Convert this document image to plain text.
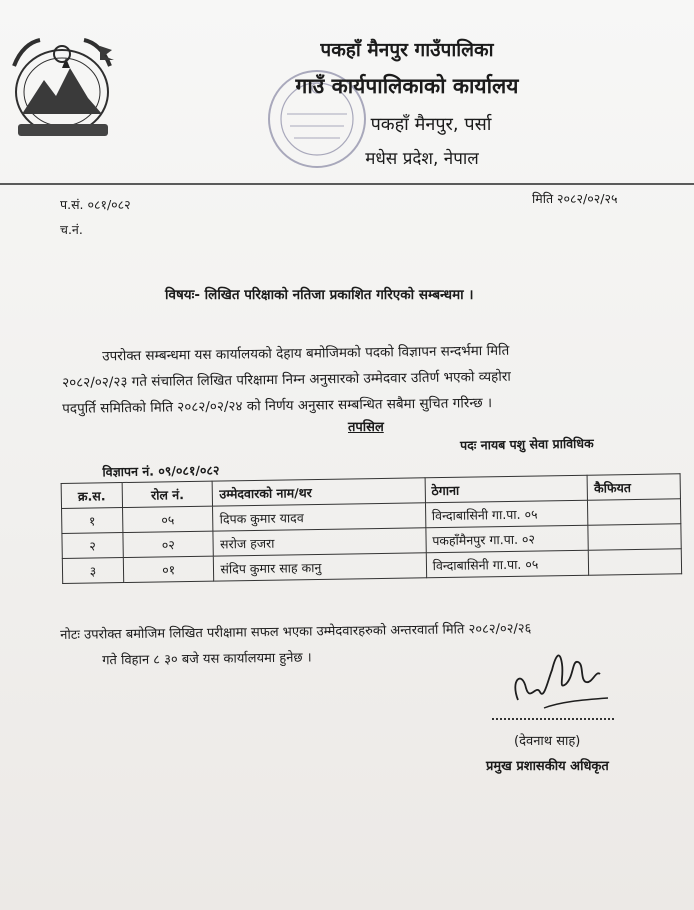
पकहाँ मैनपुर गाउँपालिका
गाउँ कार्यपालिकाको कार्यालय
पकहाँ मैनपुर, पर्सा
मधेस प्रदेश, नेपाल
मिति २०८२/०२/२५
प.सं. ०८१/०८२
च.नं.
विषयः- लिखित परिक्षाको नतिजा प्रकाशित गरिएको सम्बन्धमा ।
उपरोक्त सम्बन्धमा यस कार्यालयको देहाय बमोजिमको पदको विज्ञापन सन्दर्भमा मिति
२०८२/०२/२३ गते संचालित लिखित परिक्षामा निम्न अनुसारको उम्मेदवार उतिर्ण भएको व्यहोरा
पदपुर्ति समितिको मिति २०८२/०२/२४ को निर्णय अनुसार सम्बन्धित सबैमा सुचित गरिन्छ ।
तपसिल
पदः नायब पशु सेवा प्राविधिक
विज्ञापन नं. ०९/०८१/०८२
क्र.स.	रोल नं.	उम्मेदवारको नाम/थर	ठेगाना	कैफियत
१	०५	दिपक कुमार यादव	विन्दाबासिनी गा.पा. ०५	
२	०२	सरोज हजरा	पकहाँमैनपुर गा.पा. ०२	
३	०१	संदिप कुमार साह कानु	विन्दाबासिनी गा.पा. ०५	
नोटः उपरोक्त बमोजिम लिखित परीक्षामा सफल भएका उम्मेदवारहरुको अन्तरवार्ता मिति २०८२/०२/२६
गते विहान ८ ३० बजे यस कार्यालयमा हुनेछ ।
(देवनाथ साह)
प्रमुख प्रशासकीय अधिकृत
